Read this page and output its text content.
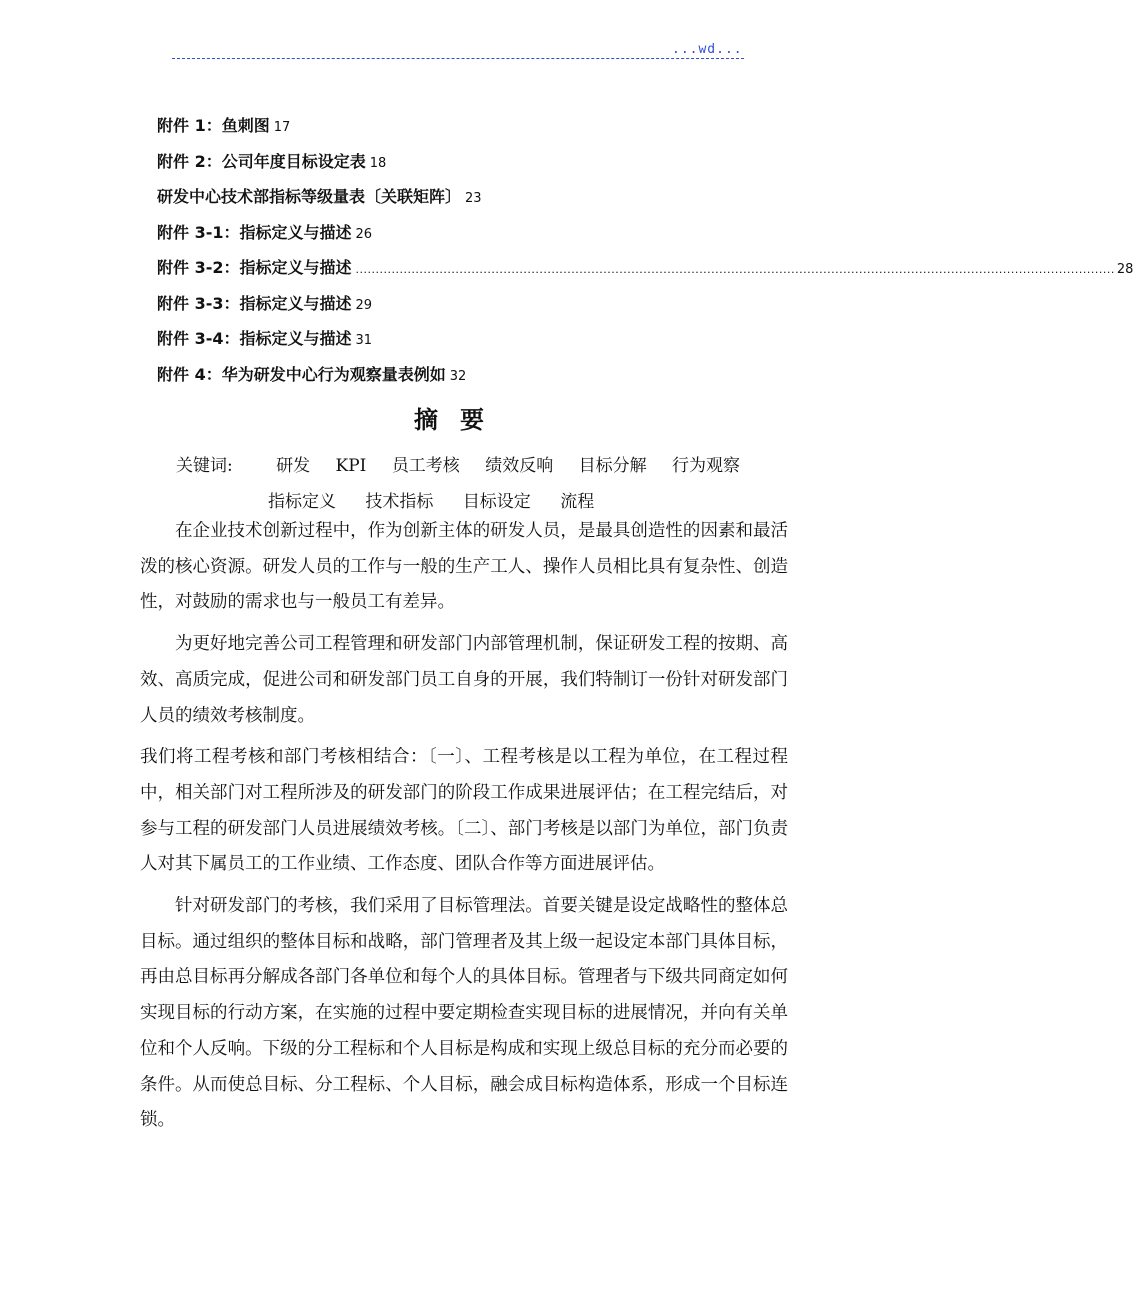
...wd...
附件 1：鱼刺图 17
附件 2：公司年度目标设定表 18
研发中心技术部指标等级量表〔关联矩阵〕 23
附件 3-1：指标定义与描述 26
附件 3-2：指标定义与描述 .............................................................................................................................................................................................. 28
附件 3-3：指标定义与描述 29
附件 3-4：指标定义与描述 31
附件 4：华为研发中心行为观察量表例如 32
摘要
关键词:	研发 KPI 员工考核 绩效反响 目标分解 行为观察
指标定义 技术指标 目标设定 流程

在企业技术创新过程中，作为创新主体的研发人员，是最具创造性的因素和最活泼的核心资源。研发人员的工作与一般的生产工人、操作人员相比具有复杂性、创造性，对鼓励的需求也与一般员工有差异。

为更好地完善公司工程管理和研发部门内部管理机制，保证研发工程的按期、高效、高质完成，促进公司和研发部门员工自身的开展，我们特制订一份针对研发部门人员的绩效考核制度。

我们将工程考核和部门考核相结合：〔一〕、工程考核是以工程为单位，在工程过程中，相关部门对工程所涉及的研发部门的阶段工作成果进展评估；在工程完结后，对参与工程的研发部门人员进展绩效考核。〔二〕、部门考核是以部门为单位，部门负责人对其下属员工的工作业绩、工作态度、团队合作等方面进展评估。

针对研发部门的考核，我们采用了目标管理法。首要关键是设定战略性的整体总目标。通过组织的整体目标和战略，部门管理者及其上级一起设定本部门具体目标，再由总目标再分解成各部门各单位和每个人的具体目标。管理者与下级共同商定如何实现目标的行动方案，在实施的过程中要定期检查实现目标的进展情况，并向有关单位和个人反响。下级的分工程标和个人目标是构成和实现上级总目标的充分而必要的条件。从而使总目标、分工程标、个人目标，融会成目标构造体系，形成一个目标连锁。
